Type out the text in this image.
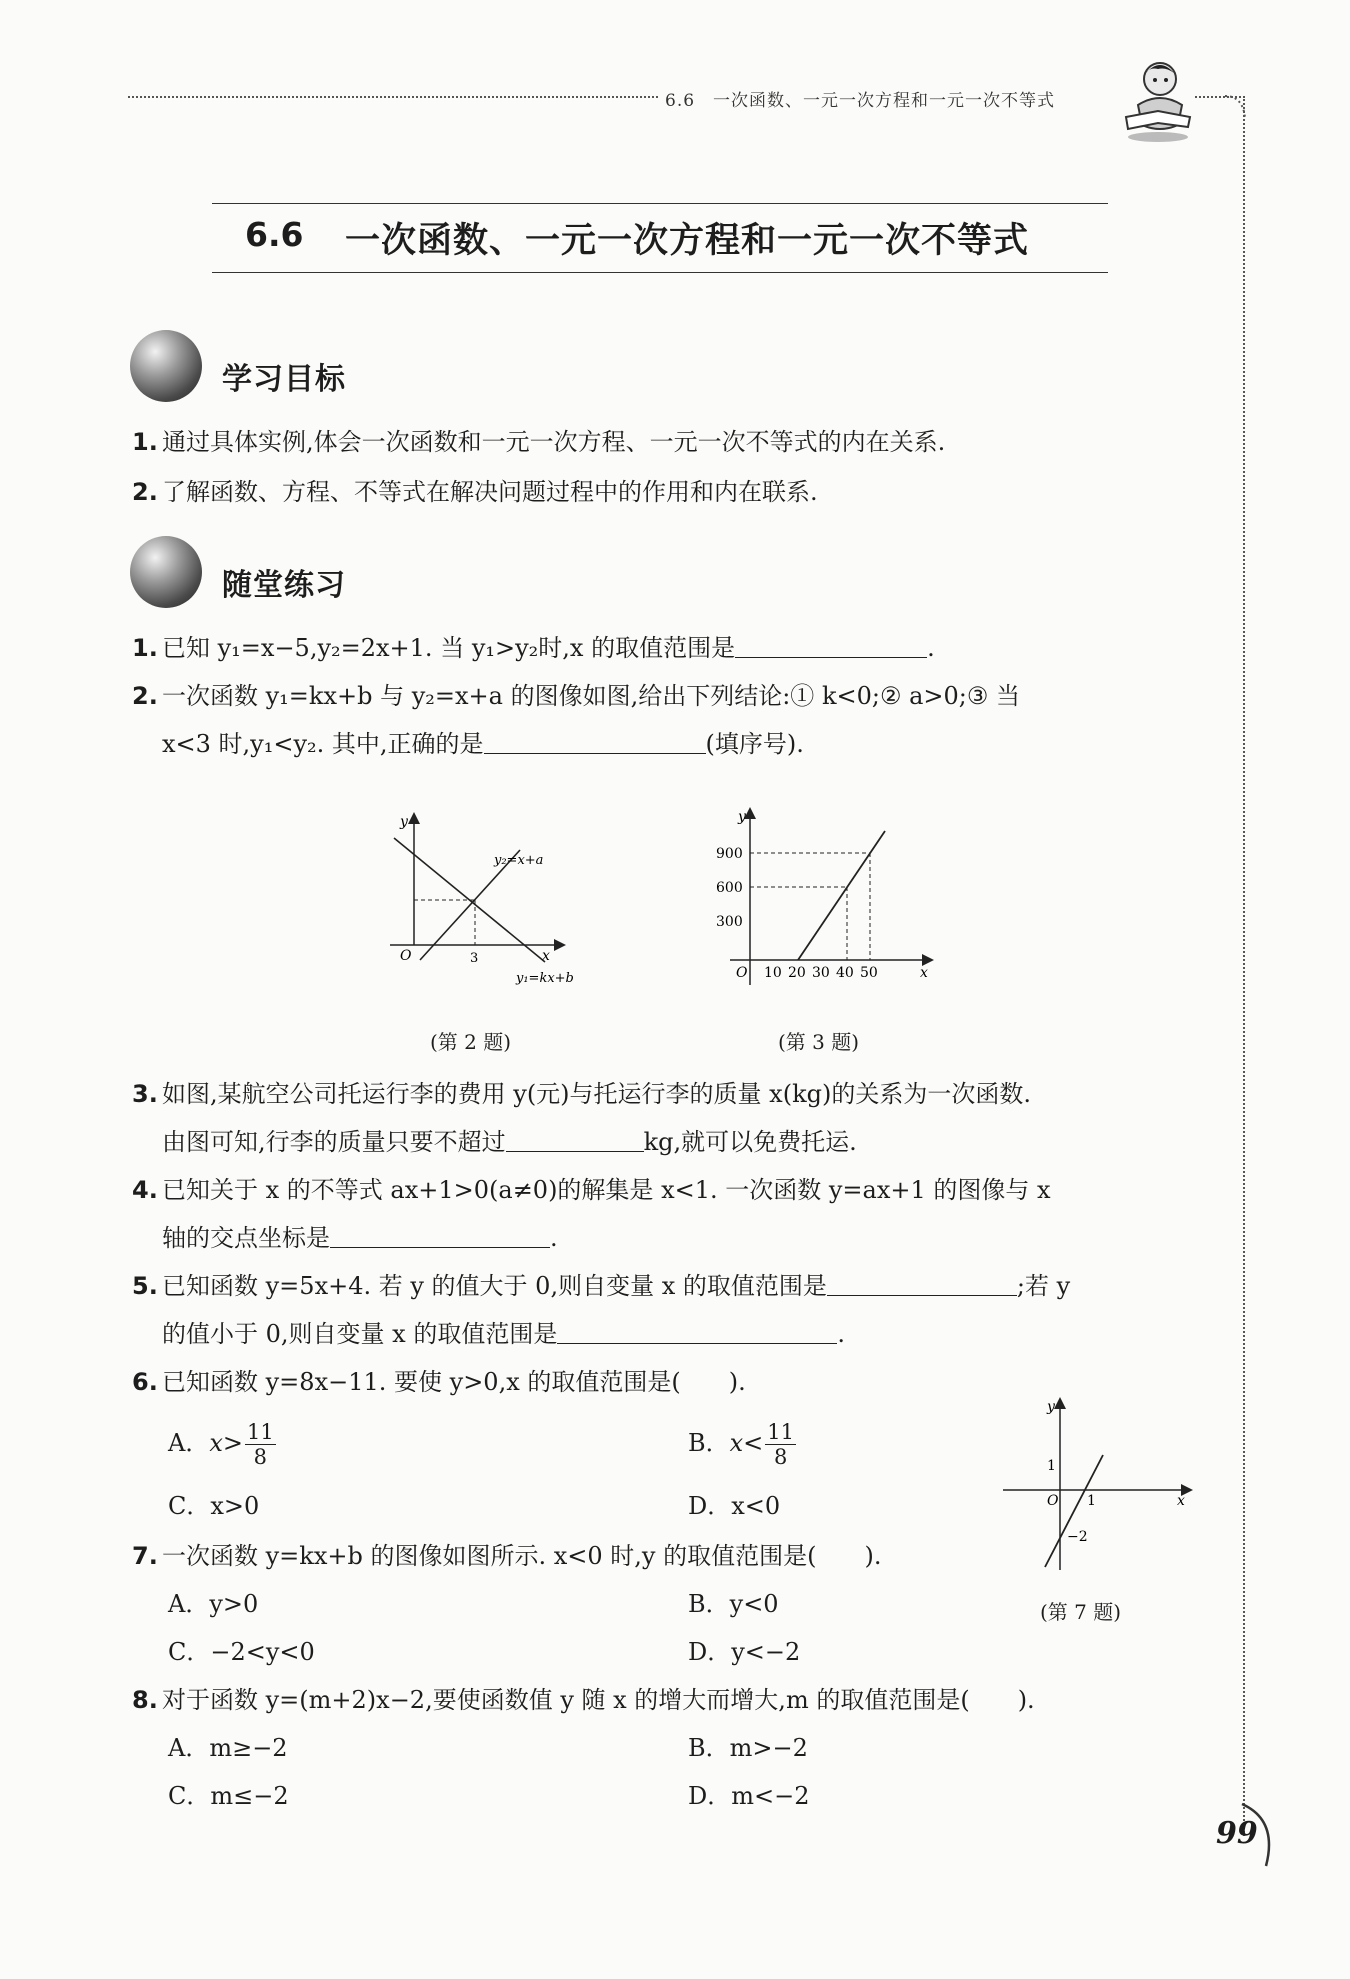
6.6　一次函数、一元一次方程和一元一次不等式
6.6 一次函数、一元一次方程和一元一次不等式
学习目标
1. 通过具体实例,体会一次函数和一元一次方程、一元一次不等式的内在关系.
2. 了解函数、方程、不等式在解决问题过程中的作用和内在联系.
随堂练习
1. 已知 y₁=x−5,y₂=2x+1. 当 y₁>y₂时,x 的取值范围是	.
2. 一次函数 y₁=kx+b 与 y₂=x+a 的图像如图,给出下列结论:① k<0;② a>0;③ 当
x<3 时,y₁<y₂. 其中,正确的是	(填序号).
y
x
O	3
y₂=x+a
y₁=kx+b
(第 2 题)
y
x
O
900
600
300
10 20 30 40 50
(第 3 题)
3. 如图,某航空公司托运行李的费用 y(元)与托运行李的质量 x(kg)的关系为一次函数.
由图可知,行李的质量只要不超过	kg,就可以免费托运.
4. 已知关于 x 的不等式 ax+1>0(a≠0)的解集是 x<1. 一次函数 y=ax+1 的图像与 x
轴的交点坐标是	.
5. 已知函数 y=5x+4. 若 y 的值大于 0,则自变量 x 的取值范围是	;若 y
的值小于 0,则自变量 x 的取值范围是	.
6. 已知函数 y=8x−11. 要使 y>0,x 的取值范围是(　　).
A．$x> \frac{11}{8}$	B．$x< \frac{11}{8}$
C．x>0	D．x<0
y
x
O
1
1
−2
(第 7 题)
7. 一次函数 y=kx+b 的图像如图所示. x<0 时,y 的取值范围是(　　).
A．y>0	B．y<0
C．−2<y<0	D．y<−2
8. 对于函数 y=(m+2)x−2,要使函数值 y 随 x 的增大而增大,m 的取值范围是(　　).
A．m≥−2	B．m>−2
C．m≤−2	D．m<−2
99
